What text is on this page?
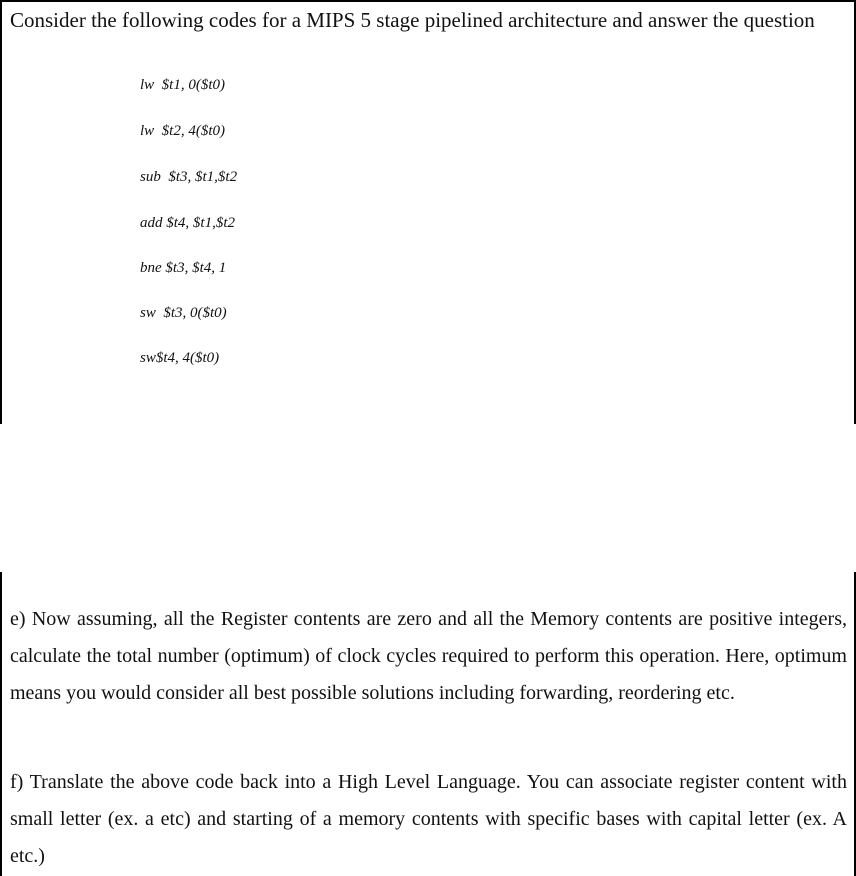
Consider the following codes for a MIPS 5 stage pipelined architecture and answer the question
lw  $t1, 0($t0)
lw  $t2, 4($t0)
sub  $t3, $t1,$t2
add $t4, $t1,$t2
bne $t3, $t4, 1
sw  $t3, 0($t0)
sw$t4, 4($t0)

e) Now assuming, all the Register contents are zero and all the Memory contents are positive integers, calculate the total number (optimum) of clock cycles required to perform this operation. Here, optimum means you would consider all best possible solutions including forwarding, reordering etc.

f) Translate the above code back into a High Level Language. You can associate register content with small letter (ex. a etc) and starting of a memory contents with specific bases with capital letter (ex. A etc.)
